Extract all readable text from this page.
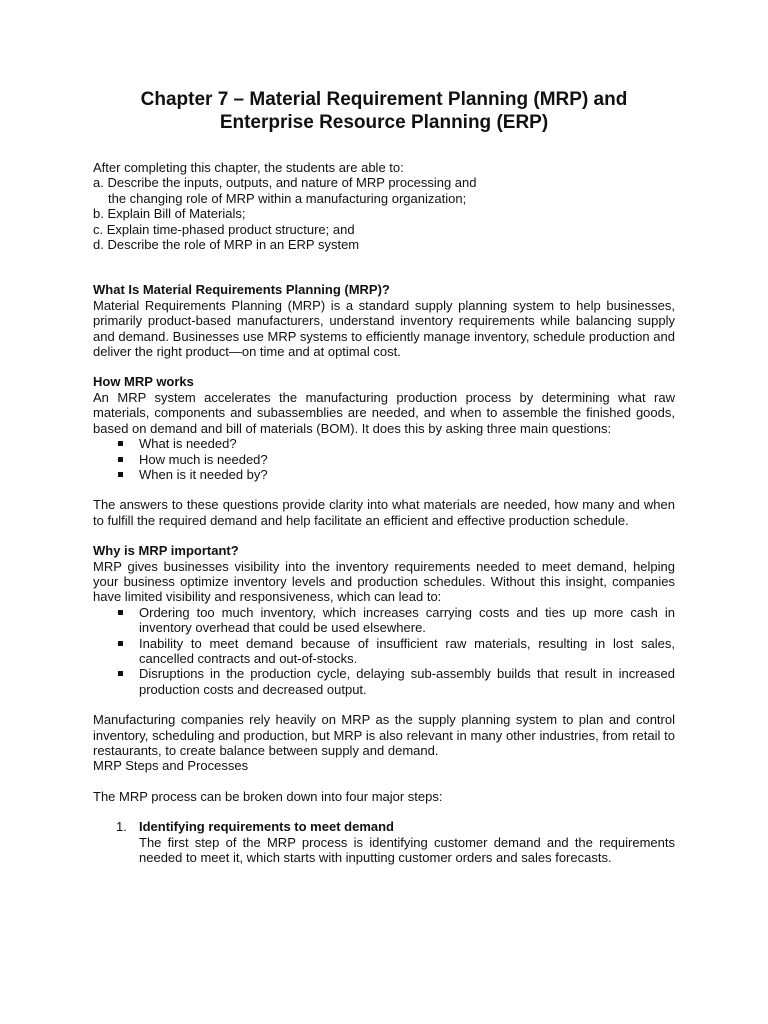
Chapter 7 – Material Requirement Planning (MRP) and
Enterprise Resource Planning (ERP)

After completing this chapter, the students are able to:

a. Describe the inputs, outputs, and nature of MRP processing and

the changing role of MRP within a manufacturing organization;

b. Explain Bill of Materials;

c. Explain time-phased product structure; and

d. Describe the role of MRP in an ERP system

What Is Material Requirements Planning (MRP)?

Material Requirements Planning (MRP) is a standard supply planning system to help businesses, primarily product-based manufacturers, understand inventory requirements while balancing supply and demand. Businesses use MRP systems to efficiently manage inventory, schedule production and deliver the right product—on time and at optimal cost.

How MRP works

An MRP system accelerates the manufacturing production process by determining what raw materials, components and subassemblies are needed, and when to assemble the finished goods, based on demand and bill of materials (BOM). It does this by asking three main questions:

What is needed?
How much is needed?
When is it needed by?

The answers to these questions provide clarity into what materials are needed, how many and when to fulfill the required demand and help facilitate an efficient and effective production schedule.

Why is MRP important?

MRP gives businesses visibility into the inventory requirements needed to meet demand, helping your business optimize inventory levels and production schedules. Without this insight, companies have limited visibility and responsiveness, which can lead to:

Ordering too much inventory, which increases carrying costs and ties up more cash in inventory overhead that could be used elsewhere.
Inability to meet demand because of insufficient raw materials, resulting in lost sales, cancelled contracts and out-of-stocks.
Disruptions in the production cycle, delaying sub-assembly builds that result in increased production costs and decreased output.

Manufacturing companies rely heavily on MRP as the supply planning system to plan and control inventory, scheduling and production, but MRP is also relevant in many other industries, from retail to restaurants, to create balance between supply and demand.

MRP Steps and Processes

The MRP process can be broken down into four major steps:

1. Identifying requirements to meet demand
The first step of the MRP process is identifying customer demand and the requirements needed to meet it, which starts with inputting customer orders and sales forecasts.
